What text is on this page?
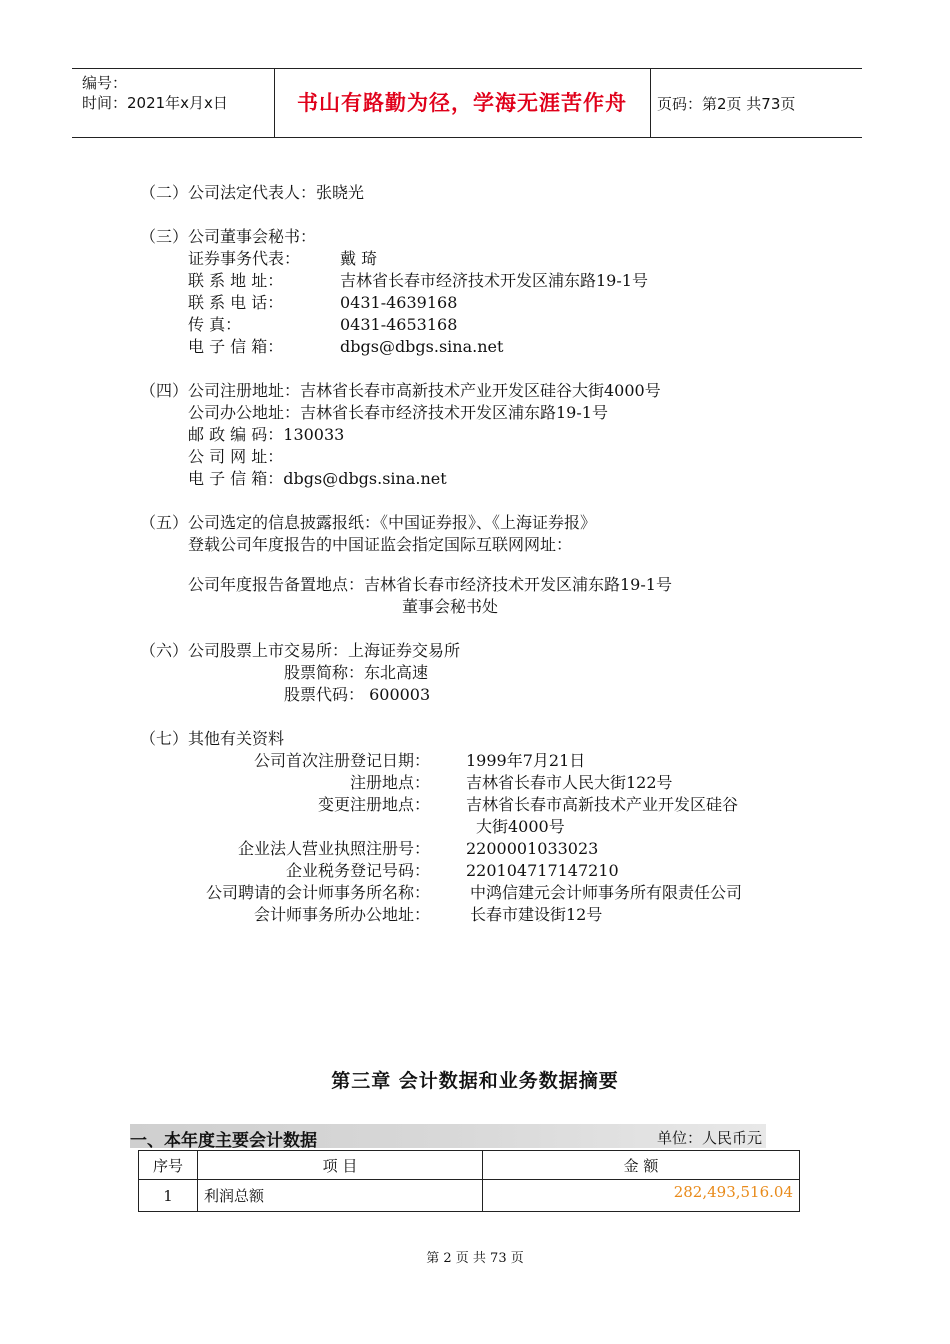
编号：
时间：2021年x月x日	书山有路勤为径，学海无涯苦作舟	页码：第2页 共73页
（二）公司法定代表人：张晓光
（三）公司董事会秘书：
证券事务代表： 戴 琦
联 系 地 址：	吉林省长春市经济技术开发区浦东路19-1号
联 系 电 话：	0431-4639168
传 真：	0431-4653168
电 子 信 箱：	dbgs@dbgs.sina.net
（四）公司注册地址：吉林省长春市高新技术产业开发区硅谷大街4000号
公司办公地址：吉林省长春市经济技术开发区浦东路19-1号
邮 政 编 码：130033
公 司 网 址：
电 子 信 箱：dbgs@dbgs.sina.net
（五）公司选定的信息披露报纸：《中国证券报》、《上海证券报》
登载公司年度报告的中国证监会指定国际互联网网址：
公司年度报告备置地点：吉林省长春市经济技术开发区浦东路19-1号
董事会秘书处
（六）公司股票上市交易所：上海证券交易所
股票简称：东北高速
股票代码： 600003
（七）其他有关资料
公司首次注册登记日期： 1999年7月21日
注册地点： 吉林省长春市人民大街122号
变更注册地点： 吉林省长春市高新技术产业开发区硅谷
大街4000号
企业法人营业执照注册号： 2200001033023
企业税务登记号码： 220104717147210
公司聘请的会计师事务所名称：	中鸿信建元会计师事务所有限责任公司
会计师事务所办公地址：	长春市建设街12号
第三章 会计数据和业务数据摘要
一、本年度主要会计数据	单位：人民币元
序号	项 目	金 额
1	利润总额	282,493,516.04
第 2 页 共 73 页
